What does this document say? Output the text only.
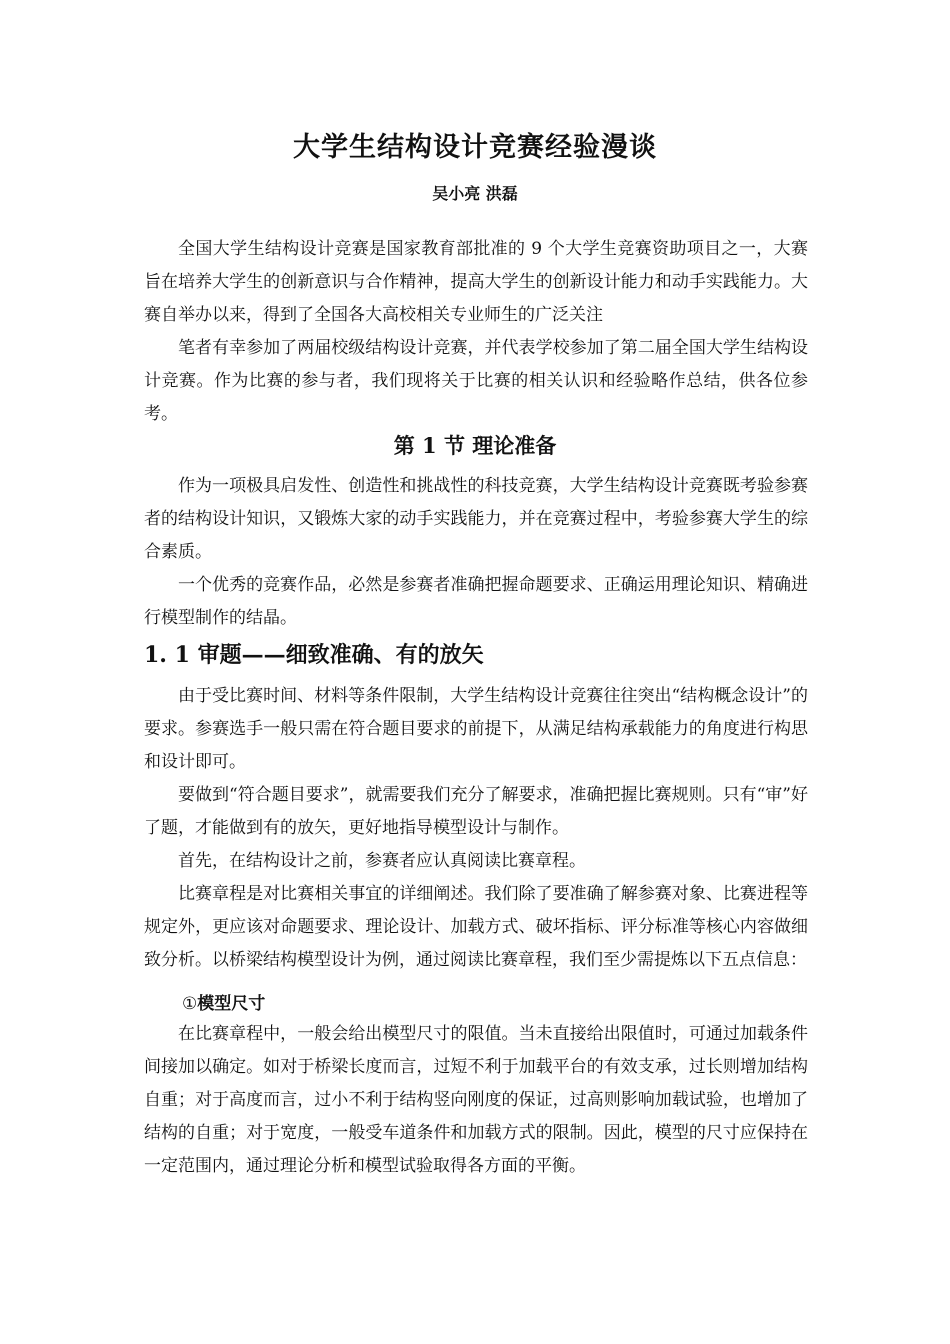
大学生结构设计竞赛经验漫谈
吴小亮 洪磊

全国大学生结构设计竞赛是国家教育部批准的 9 个大学生竞赛资助项目之一，大赛旨在培养大学生的创新意识与合作精神，提高大学生的创新设计能力和动手实践能力。大赛自举办以来，得到了全国各大高校相关专业师生的广泛关注

笔者有幸参加了两届校级结构设计竞赛，并代表学校参加了第二届全国大学生结构设计竞赛。作为比赛的参与者，我们现将关于比赛的相关认识和经验略作总结，供各位参考。

第 1 节 理论准备

作为一项极具启发性、创造性和挑战性的科技竞赛，大学生结构设计竞赛既考验参赛者的结构设计知识，又锻炼大家的动手实践能力，并在竞赛过程中，考验参赛大学生的综合素质。

一个优秀的竞赛作品，必然是参赛者准确把握命题要求、正确运用理论知识、精确进行模型制作的结晶。

1. 1 审题——细致准确、有的放矢

由于受比赛时间、材料等条件限制，大学生结构设计竞赛往往突出“结构概念设计”的要求。参赛选手一般只需在符合题目要求的前提下，从满足结构承载能力的角度进行构思和设计即可。

要做到“符合题目要求”，就需要我们充分了解要求，准确把握比赛规则。只有“审”好了题，才能做到有的放矢，更好地指导模型设计与制作。

首先，在结构设计之前，参赛者应认真阅读比赛章程。

比赛章程是对比赛相关事宜的详细阐述。我们除了要准确了解参赛对象、比赛进程等规定外，更应该对命题要求、理论设计、加载方式、破坏指标、评分标准等核心内容做细致分析。以桥梁结构模型设计为例，通过阅读比赛章程，我们至少需提炼以下五点信息：

①模型尺寸

在比赛章程中，一般会给出模型尺寸的限值。当未直接给出限值时，可通过加载条件间接加以确定。如对于桥梁长度而言，过短不利于加载平台的有效支承，过长则增加结构自重；对于高度而言，过小不利于结构竖向刚度的保证，过高则影响加载试验，也增加了结构的自重；对于宽度，一般受车道条件和加载方式的限制。因此，模型的尺寸应保持在一定范围内，通过理论分析和模型试验取得各方面的平衡。
